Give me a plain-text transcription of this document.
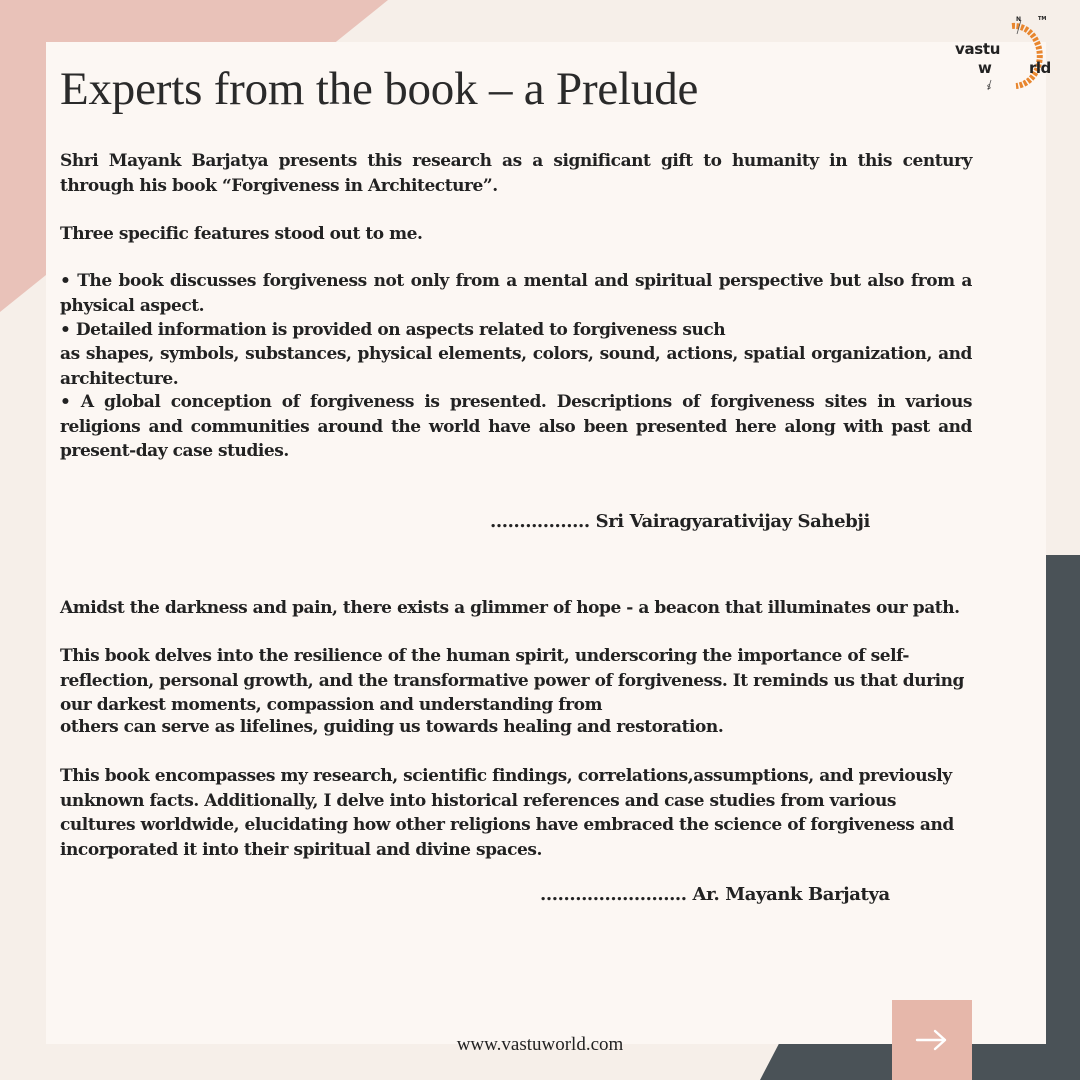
N	TM
vastu
w rld
S
Experts from the book – a Prelude
Shri Mayank Barjatya presents this research as a significant gift to humanity in this century through his book “Forgiveness in Architecture”.
Three specific features stood out to me.
• The book discusses forgiveness not only from a mental and spiritual perspective but also from a physical aspect.
• Detailed information is provided on aspects related to forgiveness such
as shapes, symbols, substances, physical elements, colors, sound, actions, spatial organization, and architecture.
• A global conception of forgiveness is presented. Descriptions of forgiveness sites in various religions and communities around the world have also been presented here along with past and present-day case studies.
................. Sri Vairagyarativijay Sahebji
Amidst the darkness and pain, there exists a glimmer of hope - a beacon that illuminates our path.
This book delves into the resilience of the human spirit, underscoring the importance of self-reflection, personal growth, and the transformative power of forgiveness. It reminds us that during our darkest moments, compassion and understanding from
others can serve as lifelines, guiding us towards healing and restoration.
This book encompasses my research, scientific findings, correlations,assumptions, and previously unknown facts. Additionally, I delve into historical references and case studies from various cultures worldwide, elucidating how other religions have embraced the science of forgiveness and incorporated it into their spiritual and divine spaces.
......................... Ar. Mayank Barjatya
www.vastuworld.com
